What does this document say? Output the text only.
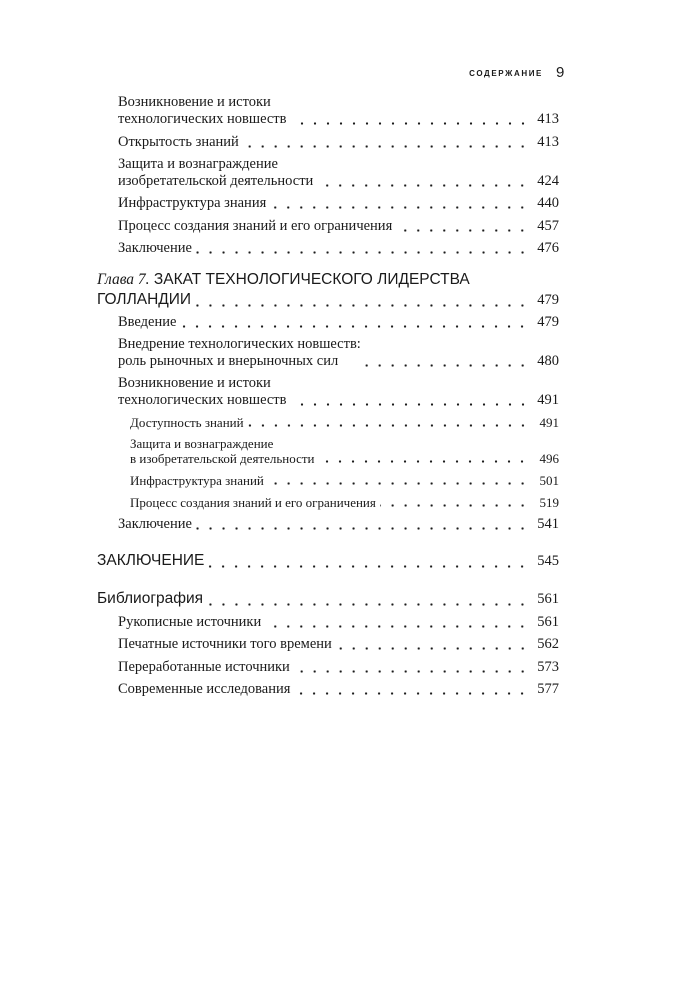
СОДЕРЖАНИЕ 9
Возникновение и истоки
технологических новшеств	413
Открытость знаний	413
Защита и вознаграждение
изобретательской деятельности	424
Инфраструктура знания	440
Процесс создания знаний и его ограничения	457
Заключение	476
Глава 7. ЗАКАТ ТЕХНОЛОГИЧЕСКОГО ЛИДЕРСТВА
ГОЛЛАНДИИ	479
Введение	479
Внедрение технологических новшеств:
роль рыночных и внерыночных сил	480
Возникновение и истоки
технологических новшеств	491
Доступность знаний	491
Защита и вознаграждение
в изобретательской деятельности	496
Инфраструктура знаний	501
Процесс создания знаний и его ограничения	519
Заключение	541
ЗАКЛЮЧЕНИЕ	545
Библиография	561
Рукописные источники	561
Печатные источники того времени	562
Переработанные источники	573
Современные исследования	577
